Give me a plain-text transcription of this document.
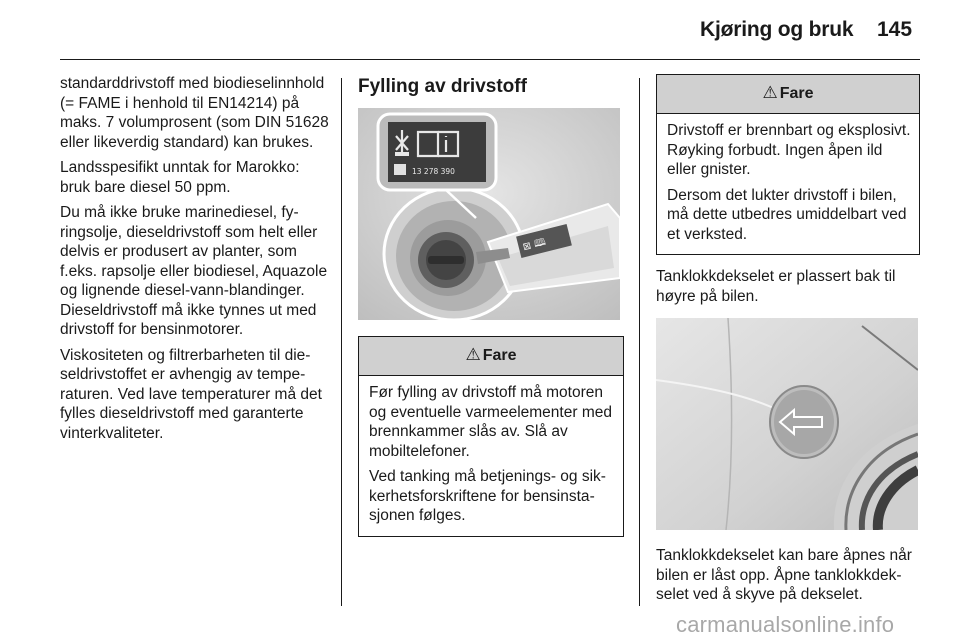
Kjøring og bruk 145

standarddrivstoff med biodieselinnhold (= FAME i henhold til EN14214) på maks. 7 volumprosent (som DIN 51628 eller likeverdig standard) kan brukes.

Landsspesifikt unntak for Marokko: bruk bare diesel 50 ppm.

Du må ikke bruke marinediesel, fyringsolje, dieseldrivstoff som helt eller delvis er produsert av planter, som f.eks. rapsolje eller biodiesel, Aquazole og lignende diesel-vann-blandinger. Dieseldrivstoff må ikke tynnes ut med drivstoff for bensinmotorer.

Viskositeten og filtrerbarheten til dieseldrivstoffet er avhengig av temperaturen. Ved lave temperaturer må det fylles dieseldrivstoff med garanterte vinterkvaliteter.

Fylling av drivstoff
⊠ 🕮
13 278 390
⚠ Fare

Før fylling av drivstoff må motoren og eventuelle varmeelementer med brennkammer slås av. Slå av mobiltelefoner.

Ved tanking må betjenings- og sikkerhetsforskriftene for bensinstasjonen følges.

⚠ Fare

Drivstoff er brennbart og eksplosivt. Røyking forbudt. Ingen åpen ild eller gnister.

Dersom det lukter drivstoff i bilen, må dette utbedres umiddelbart ved et verksted.

Tanklokkdekselet er plassert bak til høyre på bilen.

Tanklokkdekselet kan bare åpnes når bilen er låst opp. Åpne tanklokkdekselet ved å skyve på dekselet.

carmanualsonline.info
